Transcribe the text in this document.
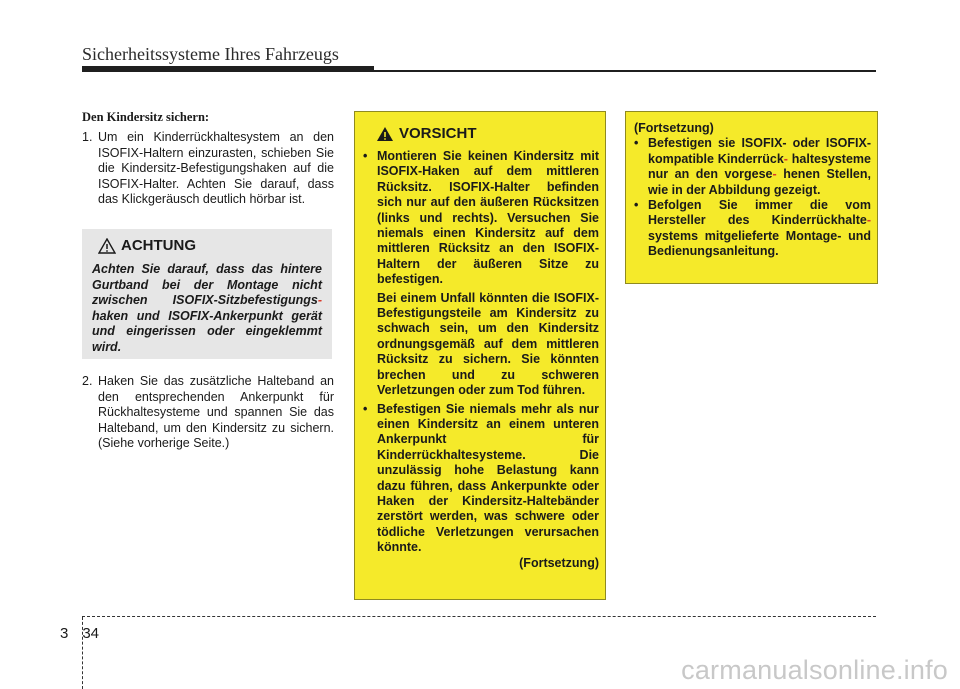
Sicherheitssysteme Ihres Fahrzeugs
Den Kindersitz sichern:
1. Um ein Kinderrückhaltesystem an den ISOFIX-Haltern einzurasten, schieben Sie die Kindersitz-Befestigungshaken auf die ISOFIX-Halter. Achten Sie darauf, dass das Klickgeräusch deutlich hörbar ist.
ACHTUNG
Achten Sie darauf, dass das hintere Gurtband bei der Montage nicht zwischen ISOFIX-Sitzbefestigungs- haken und ISOFIX-Ankerpunkt gerät und eingerissen oder eingeklemmt wird.
2. Haken Sie das zusätzliche Halteband an den entsprechenden Ankerpunkt für Rückhaltesysteme und spannen Sie das Halteband, um den Kindersitz zu sichern. (Siehe vorherige Seite.)
VORSICHT
• Montieren Sie keinen Kindersitz mit ISOFIX-Haken auf dem mittleren Rücksitz. ISOFIX-Halter befinden sich nur auf den äußeren Rücksitzen (links und rechts). Versuchen Sie niemals einen Kindersitz auf dem mittleren Rücksitz an den ISOFIX-Haltern der äußeren Sitze zu befestigen.

Bei einem Unfall könnten die ISOFIX-Befestigungsteile am Kindersitz zu schwach sein, um den Kindersitz ordnungsgemäß auf dem mittleren Rücksitz zu sichern. Sie könnten brechen und zu schweren Verletzungen oder zum Tod führen.

• Befestigen Sie niemals mehr als nur einen Kindersitz an einem unteren Ankerpunkt für Kinderrückhaltesysteme. Die unzulässig hohe Belastung kann dazu führen, dass Ankerpunkte oder Haken der Kindersitz-Haltebänder zerstört werden, was schwere oder tödliche Verletzungen verursachen könnte.

(Fortsetzung)
(Fortsetzung)
• Befestigen sie ISOFIX- oder ISOFIX-kompatible Kinderrück- haltesysteme nur an den vorgese- henen Stellen, wie in der Abbildung gezeigt.
• Befolgen Sie immer die vom Hersteller des Kinderrückhalte- systems mitgelieferte Montage- und Bedienungsanleitung.
3 34
carmanualsonline.info
